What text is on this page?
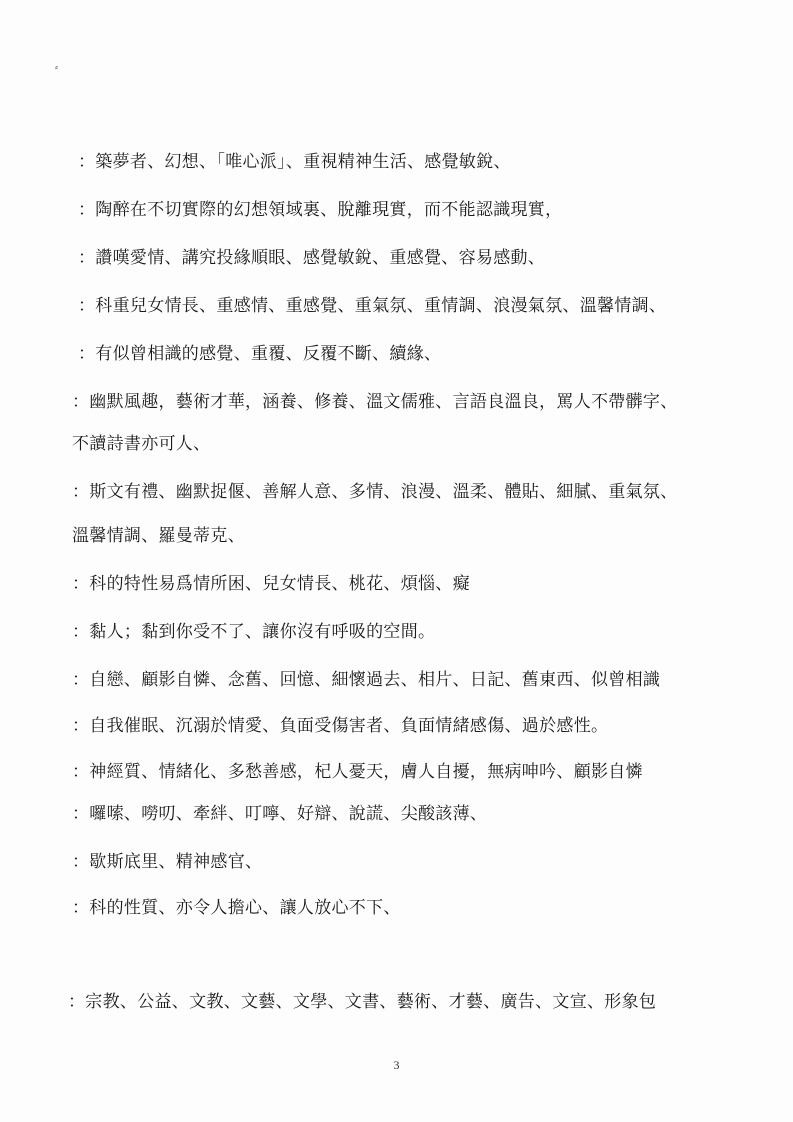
⸗
：築夢者、幻想、「唯心派」、重視精神生活、感覺敏銳、
：陶醉在不切實際的幻想領域裏、脫離現實，而不能認識現實，
：讚嘆愛情、講究投緣順眼、感覺敏銳、重感覺、容易感動、
：科重兒女情長、重感情、重感覺、重氣氛、重情調、浪漫氣氛、溫馨情調、
：有似曾相識的感覺、重覆、反覆不斷、續緣、
：幽默風趣，藝術才華，涵養、修養、溫文儒雅、言語良溫良，罵人不帶髒字、
不讀詩書亦可人、
：斯文有禮、幽默捉偃、善解人意、多情、浪漫、溫柔、體貼、細膩、重氣氛、
溫馨情調、羅曼蒂克、
：科的特性易爲情所困、兒女情長、桃花、煩惱、癡
：黏人；黏到你受不了、讓你沒有呼吸的空間。
：自戀、顧影自憐、念舊、回憶、細懷過去、相片、日記、舊東西、似曾相識
：自我催眠、沉溺於情愛、負面受傷害者、負面情緒感傷、過於感性。
：神經質、情緒化、多愁善感，杞人憂天，膚人自擾，無病呻吟、顧影自憐
：囉嗦、嘮叨、牽絆、叮嚀、好辯、說謊、尖酸該薄、
：歇斯底里、精神感官、
：科的性質、亦令人擔心、讓人放心不下、
：宗教、公益、文教、文藝、文學、文書、藝術、才藝、廣告、文宣、形象包
3
